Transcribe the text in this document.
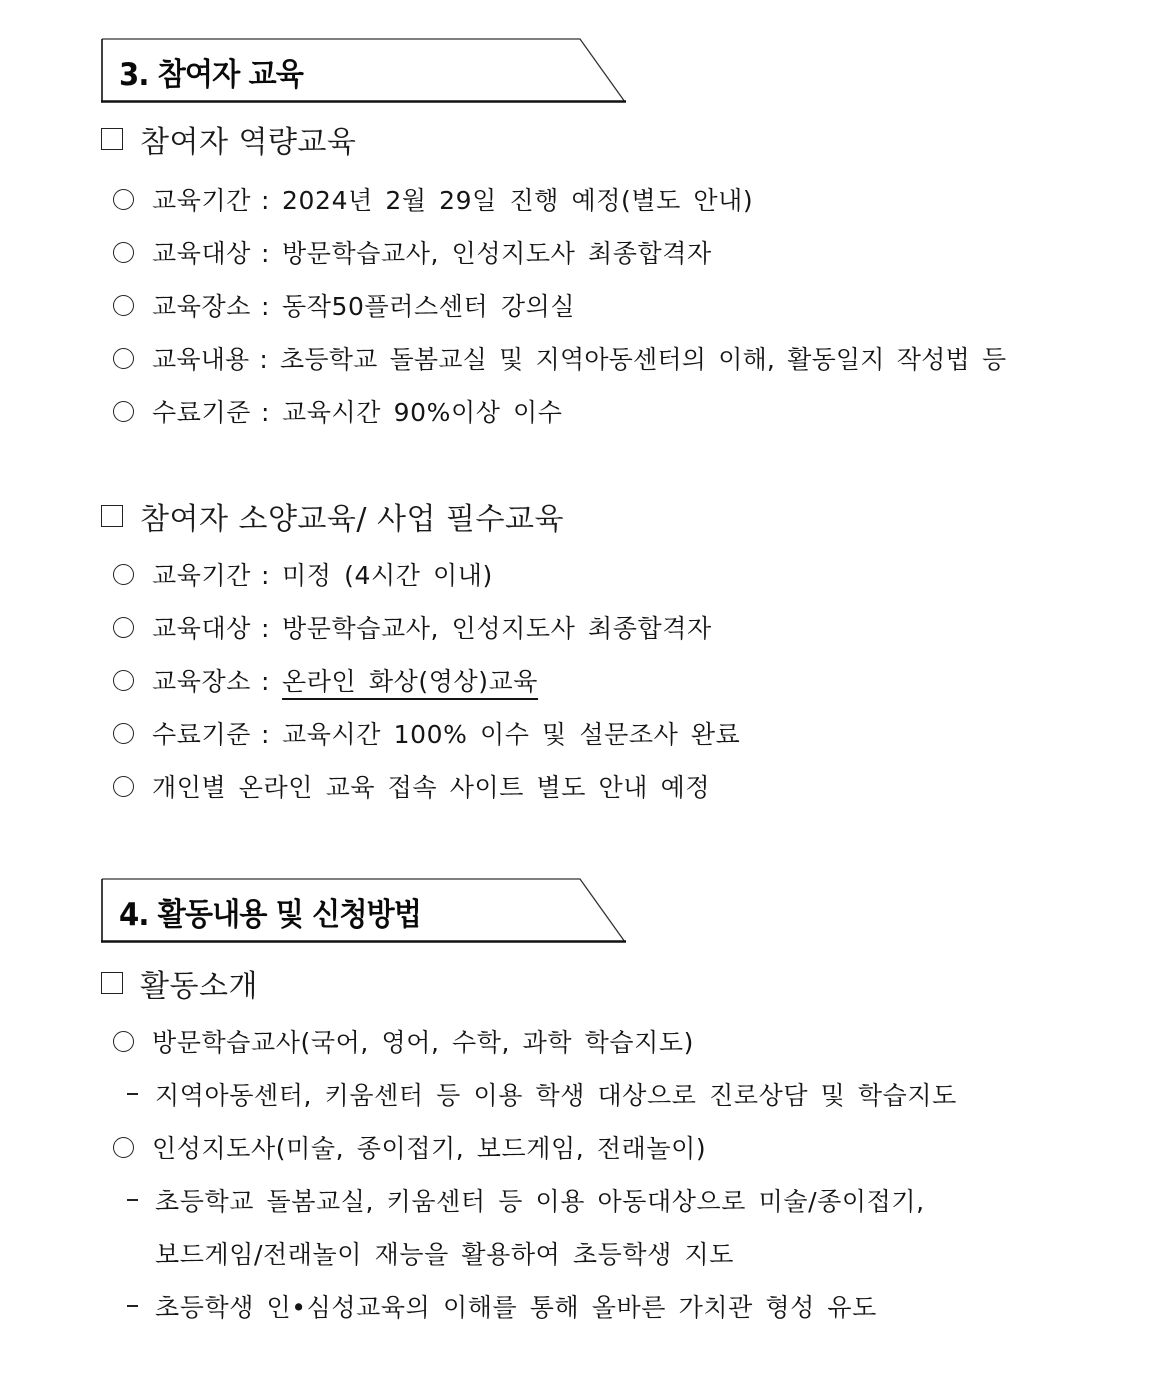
3. 참여자 교육
참여자 역량교육
교육기간 : 2024년 2월 29일 진행 예정(별도 안내)
교육대상 : 방문학습교사, 인성지도사 최종합격자
교육장소 : 동작50플러스센터 강의실
교육내용 : 초등학교 돌봄교실 및 지역아동센터의 이해, 활동일지 작성법 등
수료기준 : 교육시간 90%이상 이수
참여자 소양교육/ 사업 필수교육
교육기간 : 미정 (4시간 이내)
교육대상 : 방문학습교사, 인성지도사 최종합격자
교육장소 : 온라인 화상(영상)교육
수료기준 : 교육시간 100% 이수 및 설문조사 완료
개인별 온라인 교육 접속 사이트 별도 안내 예정
4. 활동내용 및 신청방법
활동소개
방문학습교사(국어, 영어, 수학, 과학 학습지도)
지역아동센터, 키움센터 등 이용 학생 대상으로 진로상담 및 학습지도
인성지도사(미술, 종이접기, 보드게임, 전래놀이)
초등학교 돌봄교실, 키움센터 등 이용 아동대상으로 미술/종이접기,
보드게임/전래놀이 재능을 활용하여 초등학생 지도
초등학생 인•심성교육의 이해를 통해 올바른 가치관 형성 유도
